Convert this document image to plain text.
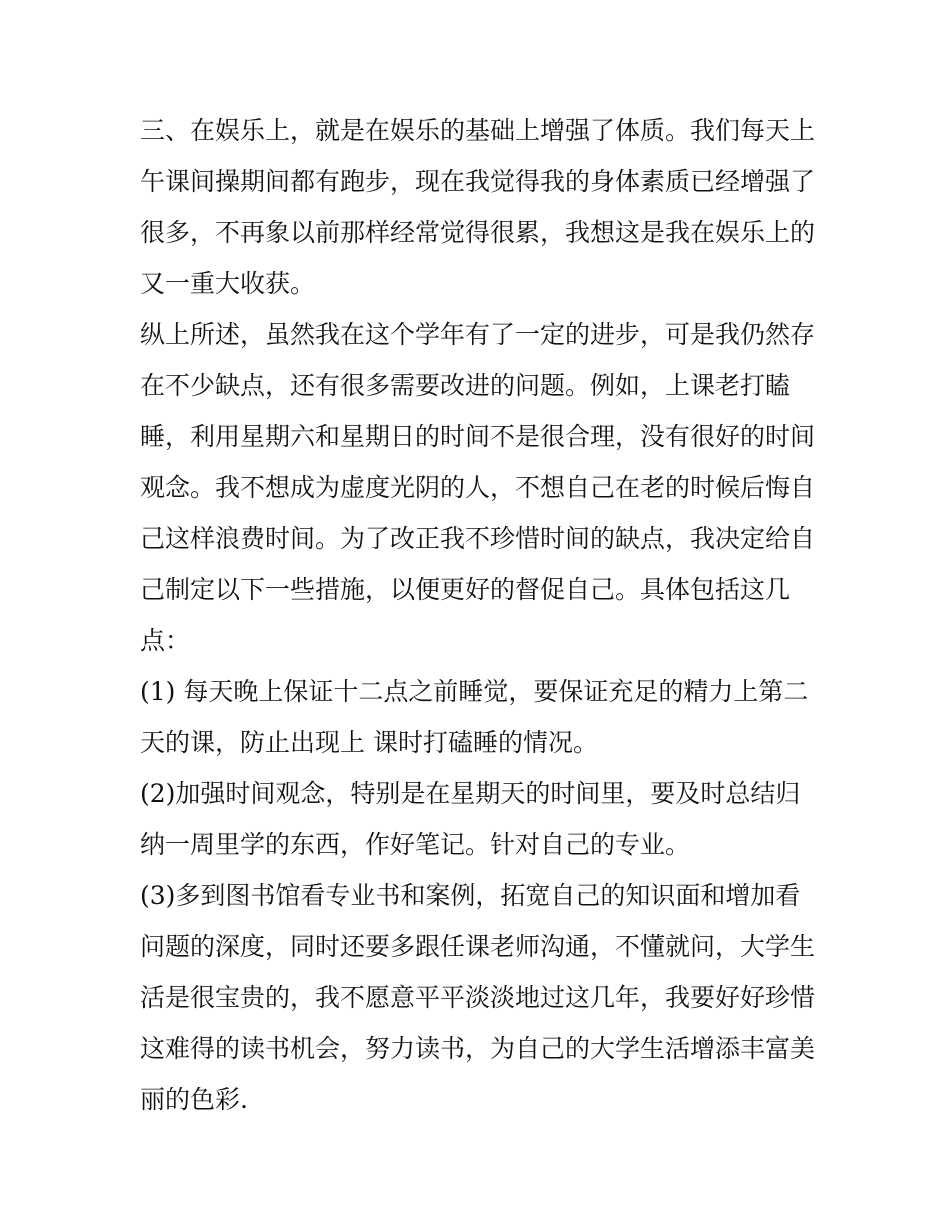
三、在娱乐上，就是在娱乐的基础上增强了体质。我们每天上午课间操期间都有跑步，现在我觉得我的身体素质已经增强了很多，不再象以前那样经常觉得很累，我想这是我在娱乐上的又一重大收获。

纵上所述，虽然我在这个学年有了一定的进步，可是我仍然存在不少缺点，还有很多需要改进的问题。例如，上课老打瞌睡，利用星期六和星期日的时间不是很合理，没有很好的时间观念。我不想成为虚度光阴的人，不想自己在老的时候后悔自己这样浪费时间。为了改正我不珍惜时间的缺点，我决定给自己制定以下一些措施，以便更好的督促自己。具体包括这几点：

(1) 每天晚上保证十二点之前睡觉，要保证充足的精力上第二天的课，防止出现上 课时打磕睡的情况。

(2)加强时间观念，特别是在星期天的时间里，要及时总结归纳一周里学的东西，作好笔记。针对自己的专业。

(3)多到图书馆看专业书和案例，拓宽自己的知识面和增加看问题的深度，同时还要多跟任课老师沟通，不懂就问，大学生活是很宝贵的，我不愿意平平淡淡地过这几年，我要好好珍惜这难得的读书机会，努力读书，为自己的大学生活增添丰富美丽的色彩.
